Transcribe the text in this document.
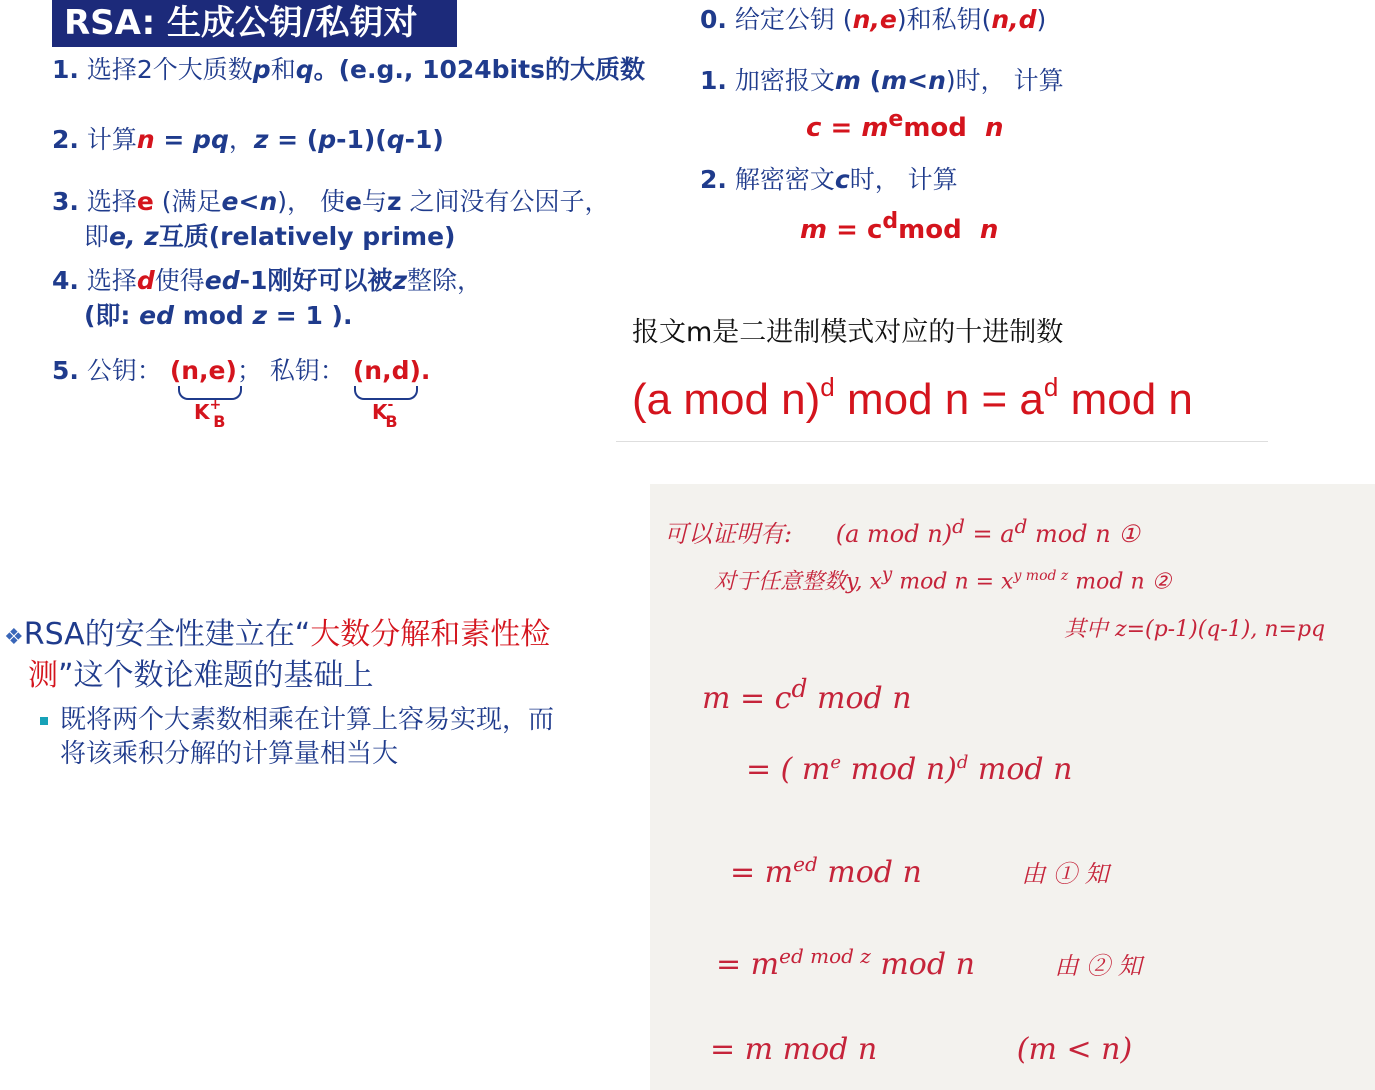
RSA: 生成公钥/私钥对
1. 选择2个大质数p和q。(e.g., 1024bits的大质数
2. 计算n = pq，z = (p-1)(q-1)
3. 选择e (满足e<n)， 使e与z 之间没有公因子，
即e, z互质(relatively prime)
4. 选择d使得ed-1刚好可以被z整除，
(即: ed mod z = 1 ).
5. 公钥： (n,e)； 私钥： (n,d).
$K^+_B$	$K^-_B$
0. 给定公钥 (n,e)和私钥(n,d)
1. 加密报文m (m<n)时， 计算
$c = m^emod$ n
2. 解密密文c时， 计算
$m = c^dmod$ n
报文m是二进制模式对应的十进制数
(a mod n)$^d$ mod $n = a^d$ mod n
❖RSA的安全性建立在“大数分解和素性检
测”这个数论难题的基础上
既将两个大素数相乘在计算上容易实现，而
将该乘积分解的计算量相当大
可以证明有: (a mod $n)^d = a^d$ mod n ①
对于任意整数y, $x^y$ mod $n = x^{y mod z}$ mod n ②
其中 z=(p-1)(q-1), n=pq
$m = c^d$ mod n
= ( $m^e$ mod n)$^d$ mod n
= $m^{ed}$ mod n	由 ① 知
= $m^{ed mod z}$ mod n	由 ② 知
= m mod n	(m < n)
